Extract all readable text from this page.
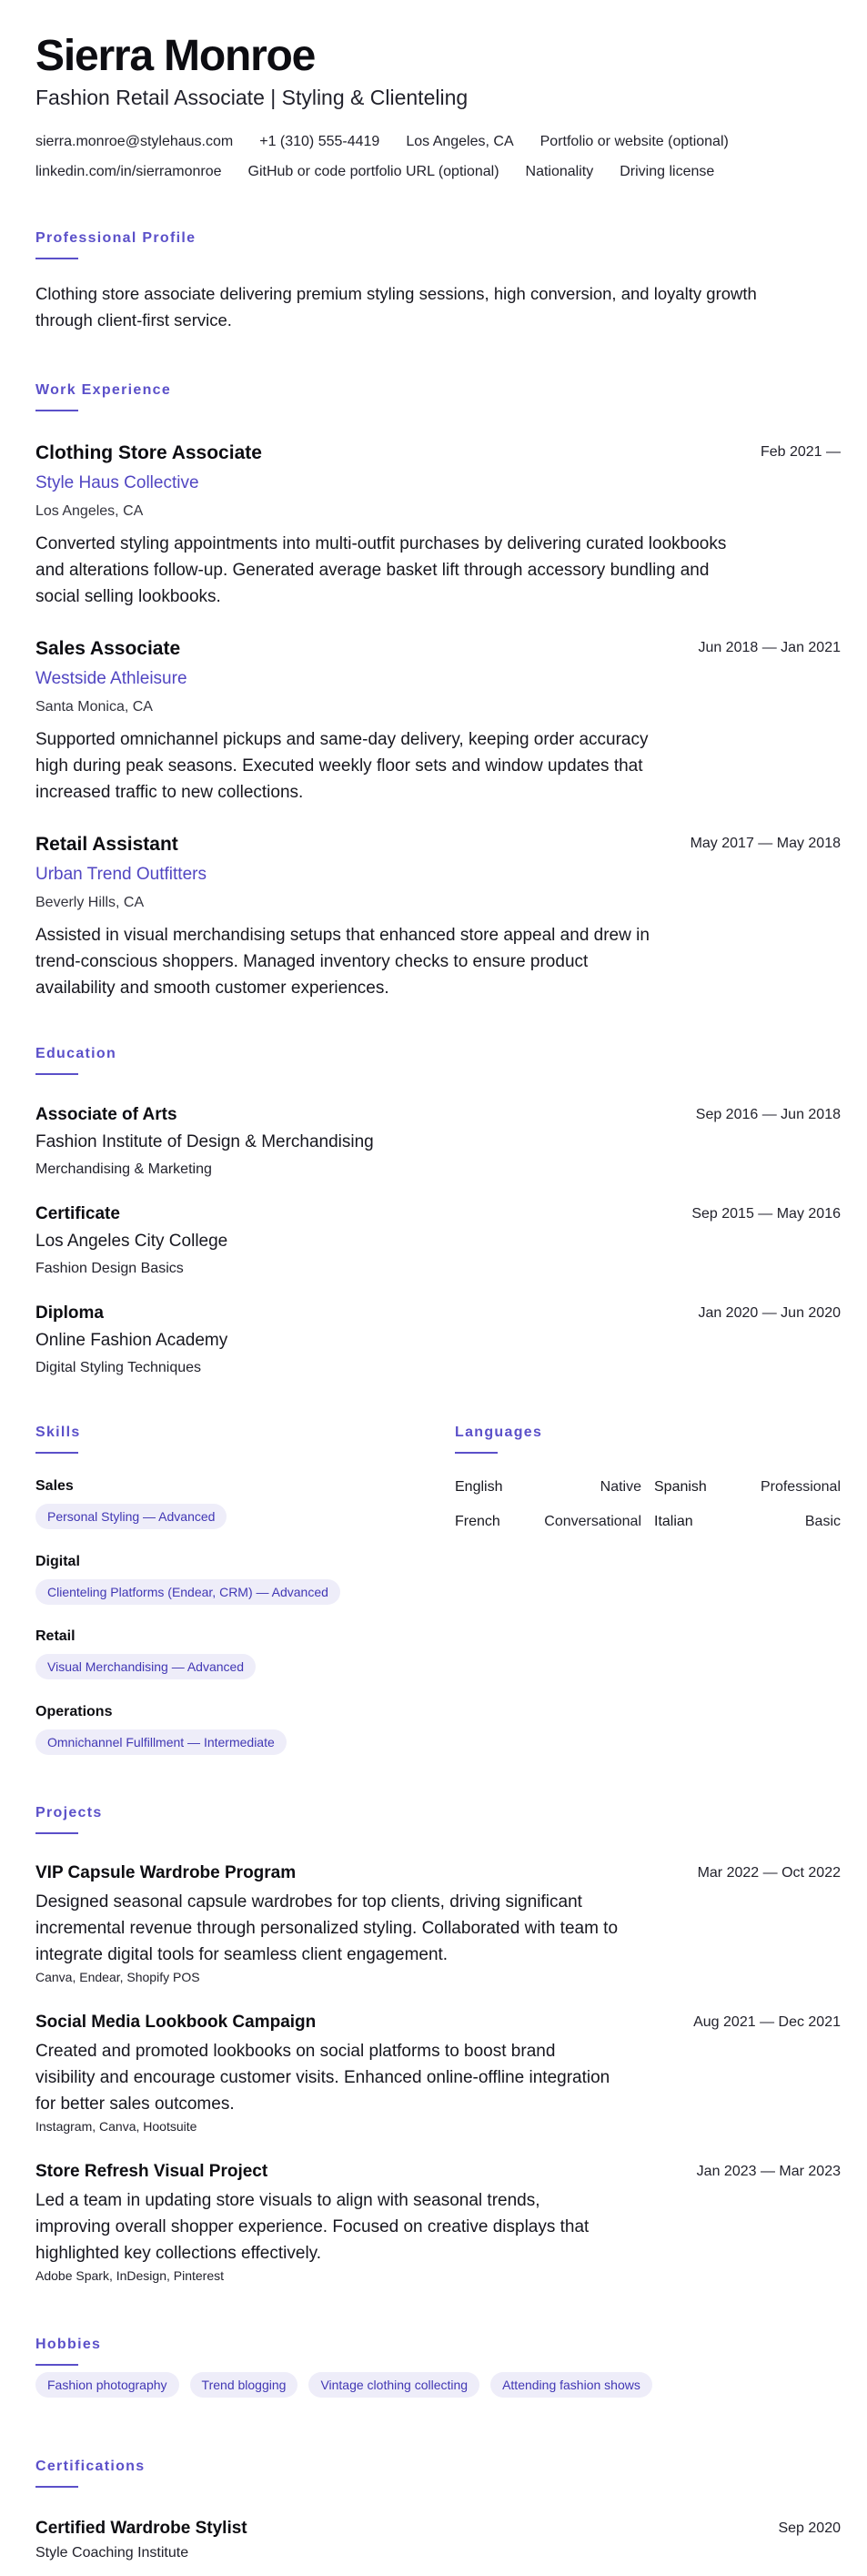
Sierra Monroe
Fashion Retail Associate | Styling & Clienteling
sierra.monroe@stylehaus.com +1 (310) 555-4419 Los Angeles, CA Portfolio or website (optional)
linkedin.com/in/sierramonroe GitHub or code portfolio URL (optional) Nationality Driving license
Professional Profile
Clothing store associate delivering premium styling sessions, high conversion, and loyalty growth through client-first service.
Work Experience
Clothing Store Associate	Feb 2021 —
Style Haus Collective
Los Angeles, CA
Converted styling appointments into multi-outfit purchases by delivering curated lookbooks and alterations follow-up. Generated average basket lift through accessory bundling and social selling lookbooks.
Sales Associate	Jun 2018 — Jan 2021
Westside Athleisure
Santa Monica, CA
Supported omnichannel pickups and same-day delivery, keeping order accuracy high during peak seasons. Executed weekly floor sets and window updates that increased traffic to new collections.
Retail Assistant	May 2017 — May 2018
Urban Trend Outfitters
Beverly Hills, CA
Assisted in visual merchandising setups that enhanced store appeal and drew in trend-conscious shoppers. Managed inventory checks to ensure product availability and smooth customer experiences.
Education
Associate of Arts	Sep 2016 — Jun 2018
Fashion Institute of Design & Merchandising
Merchandising & Marketing
Certificate	Sep 2015 — May 2016
Los Angeles City College
Fashion Design Basics
Diploma	Jan 2020 — Jun 2020
Online Fashion Academy
Digital Styling Techniques
Skills
Sales
Personal Styling — Advanced
Digital
Clienteling Platforms (Endear, CRM) — Advanced
Retail
Visual Merchandising — Advanced
Operations
Omnichannel Fulfillment — Intermediate
Languages
English	Native Spanish	Professional
French	Conversational Italian	Basic
Projects
VIP Capsule Wardrobe Program	Mar 2022 — Oct 2022
Designed seasonal capsule wardrobes for top clients, driving significant incremental revenue through personalized styling. Collaborated with team to integrate digital tools for seamless client engagement.
Canva, Endear, Shopify POS
Social Media Lookbook Campaign	Aug 2021 — Dec 2021
Created and promoted lookbooks on social platforms to boost brand visibility and encourage customer visits. Enhanced online-offline integration for better sales outcomes.
Instagram, Canva, Hootsuite
Store Refresh Visual Project	Jan 2023 — Mar 2023
Led a team in updating store visuals to align with seasonal trends, improving overall shopper experience. Focused on creative displays that highlighted key collections effectively.
Adobe Spark, InDesign, Pinterest
Hobbies
Fashion photography	Trend blogging	Vintage clothing collecting	Attending fashion shows
Certifications
Certified Wardrobe Stylist	Sep 2020
Style Coaching Institute
